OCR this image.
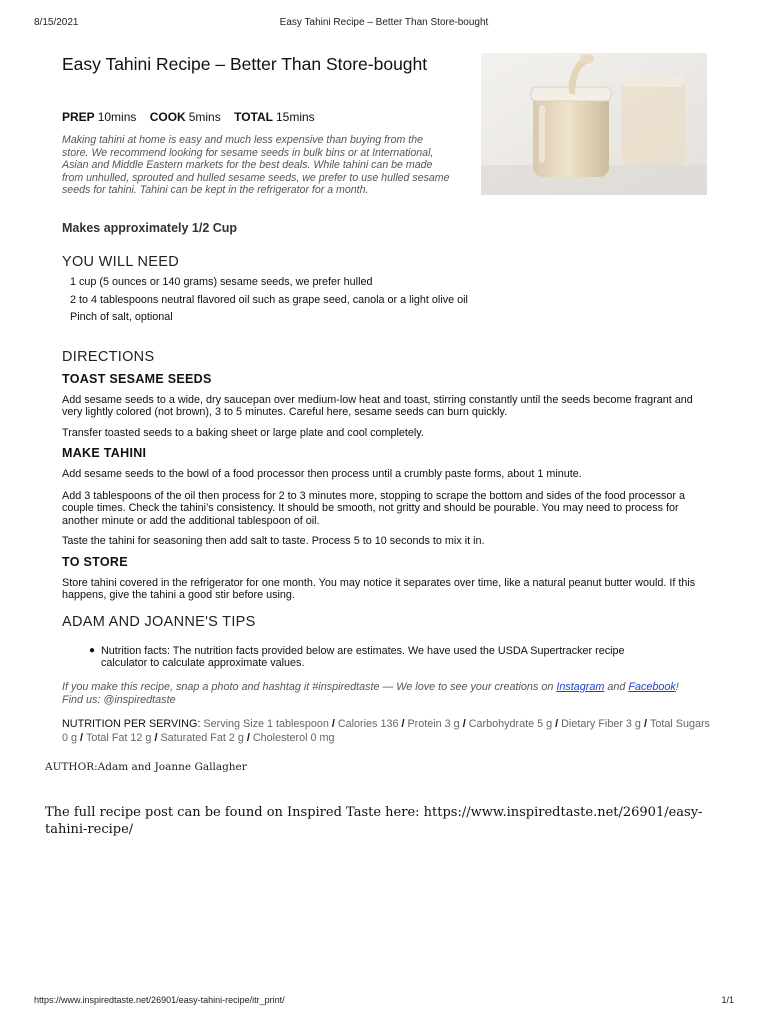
8/15/2021	Easy Tahini Recipe – Better Than Store-bought
Easy Tahini Recipe – Better Than Store-bought
PREP 10mins COOK 5mins TOTAL 15mins
Making tahini at home is easy and much less expensive than buying from the store. We recommend looking for sesame seeds in bulk bins or at International, Asian and Middle Eastern markets for the best deals. While tahini can be made from unhulled, sprouted and hulled sesame seeds, we prefer to use hulled sesame seeds for tahini. Tahini can be kept in the refrigerator for a month.
Makes approximately 1/2 Cup
YOU WILL NEED
1 cup (5 ounces or 140 grams) sesame seeds, we prefer hulled
2 to 4 tablespoons neutral flavored oil such as grape seed, canola or a light olive oil
Pinch of salt, optional
DIRECTIONS
TOAST SESAME SEEDS
Add sesame seeds to a wide, dry saucepan over medium-low heat and toast, stirring constantly until the seeds become fragrant and very lightly colored (not brown), 3 to 5 minutes. Careful here, sesame seeds can burn quickly.
Transfer toasted seeds to a baking sheet or large plate and cool completely.
MAKE TAHINI
Add sesame seeds to the bowl of a food processor then process until a crumbly paste forms, about 1 minute.
Add 3 tablespoons of the oil then process for 2 to 3 minutes more, stopping to scrape the bottom and sides of the food processor a couple times. Check the tahini’s consistency. It should be smooth, not gritty and should be pourable. You may need to process for another minute or add the additional tablespoon of oil.
Taste the tahini for seasoning then add salt to taste. Process 5 to 10 seconds to mix it in.
TO STORE
Store tahini covered in the refrigerator for one month. You may notice it separates over time, like a natural peanut butter would. If this happens, give the tahini a good stir before using.
ADAM AND JOANNE'S TIPS
● Nutrition facts: The nutrition facts provided below are estimates. We have used the USDA Supertracker recipe calculator to calculate approximate values.
If you make this recipe, snap a photo and hashtag it #inspiredtaste — We love to see your creations on Instagram and Facebook! Find us: @inspiredtaste
NUTRITION PER SERVING: Serving Size 1 tablespoon / Calories 136 / Protein 3 g / Carbohydrate 5 g / Dietary Fiber 3 g / Total Sugars 0 g / Total Fat 12 g / Saturated Fat 2 g / Cholesterol 0 mg
AUTHOR:Adam and Joanne Gallagher
The full recipe post can be found on Inspired Taste here: https://www.inspiredtaste.net/26901/easy-tahini-recipe/
https://www.inspiredtaste.net/26901/easy-tahini-recipe/itr_print/	1/1
